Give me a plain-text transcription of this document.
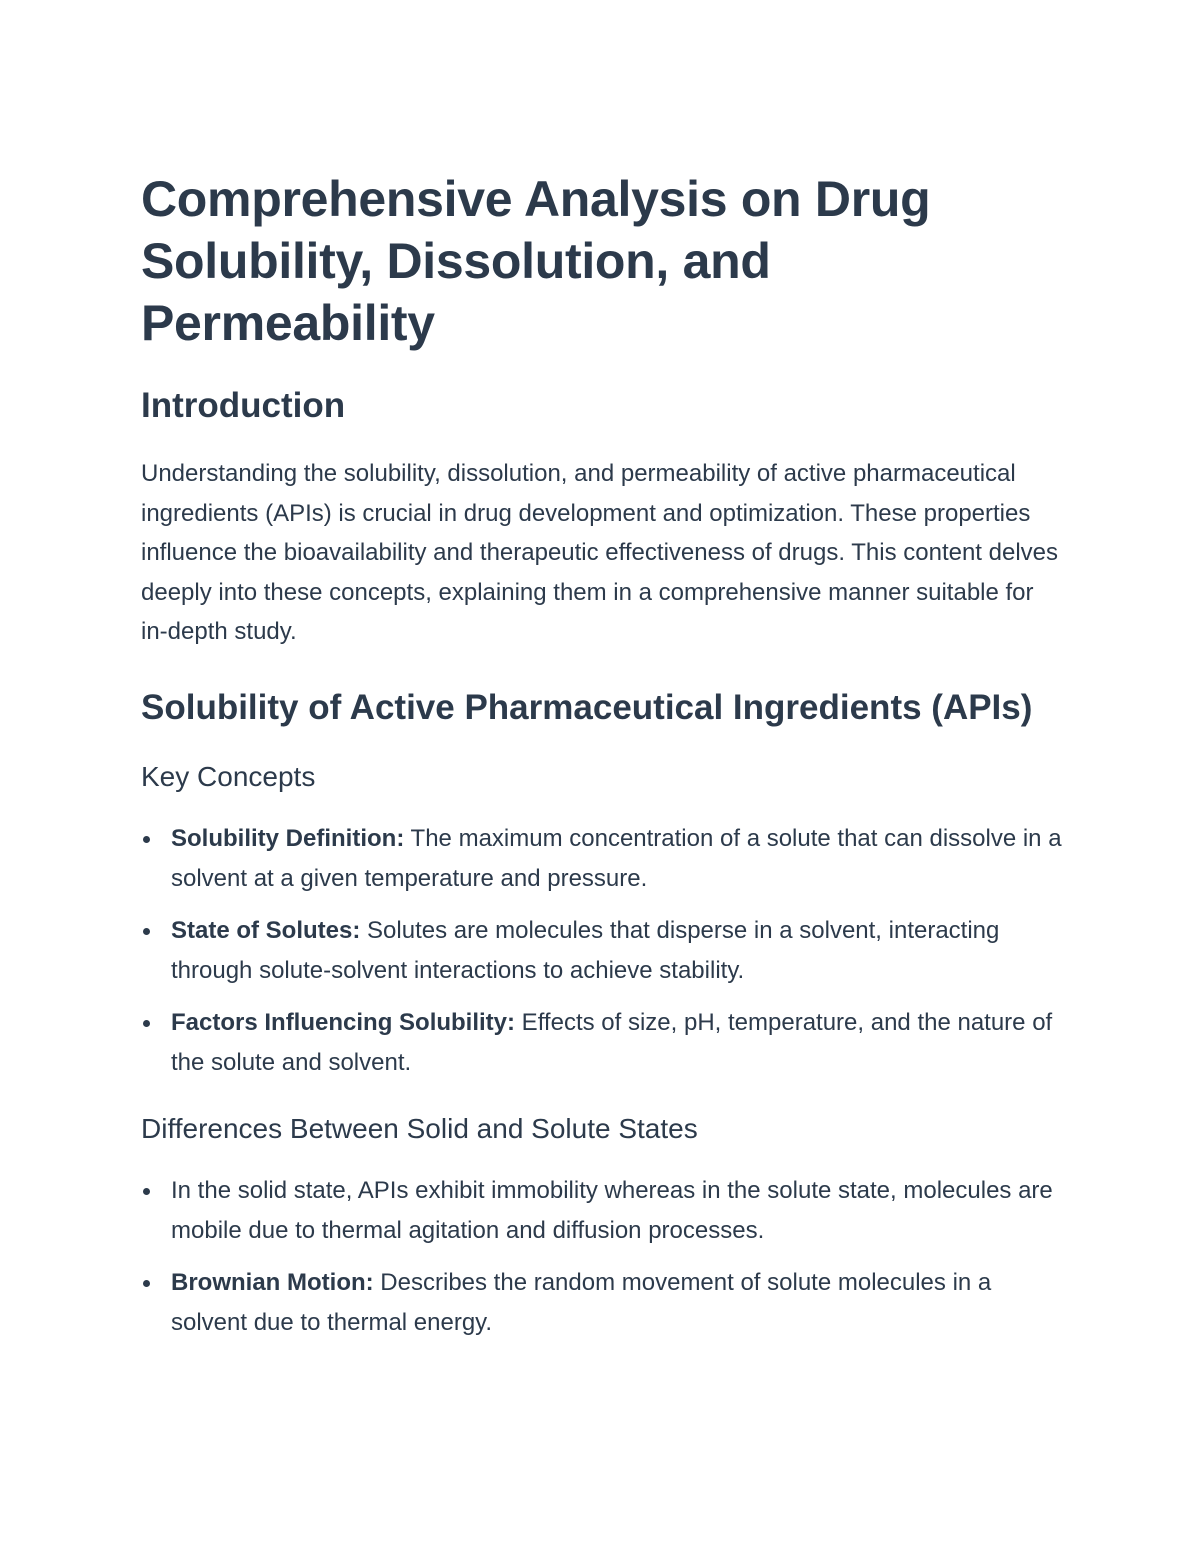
Comprehensive Analysis on Drug Solubility, Dissolution, and Permeability
Introduction

Understanding the solubility, dissolution, and permeability of active pharmaceutical ingredients (APIs) is crucial in drug development and optimization. These properties influence the bioavailability and therapeutic effectiveness of drugs. This content delves deeply into these concepts, explaining them in a comprehensive manner suitable for in-depth study.

Solubility of Active Pharmaceutical Ingredients (APIs)
Key Concepts
Solubility Definition: The maximum concentration of a solute that can dissolve in a solvent at a given temperature and pressure.
State of Solutes: Solutes are molecules that disperse in a solvent, interacting through solute-solvent interactions to achieve stability.
Factors Influencing Solubility: Effects of size, pH, temperature, and the nature of the solute and solvent.
Differences Between Solid and Solute States
In the solid state, APIs exhibit immobility whereas in the solute state, molecules are mobile due to thermal agitation and diffusion processes.
Brownian Motion: Describes the random movement of solute molecules in a solvent due to thermal energy.
